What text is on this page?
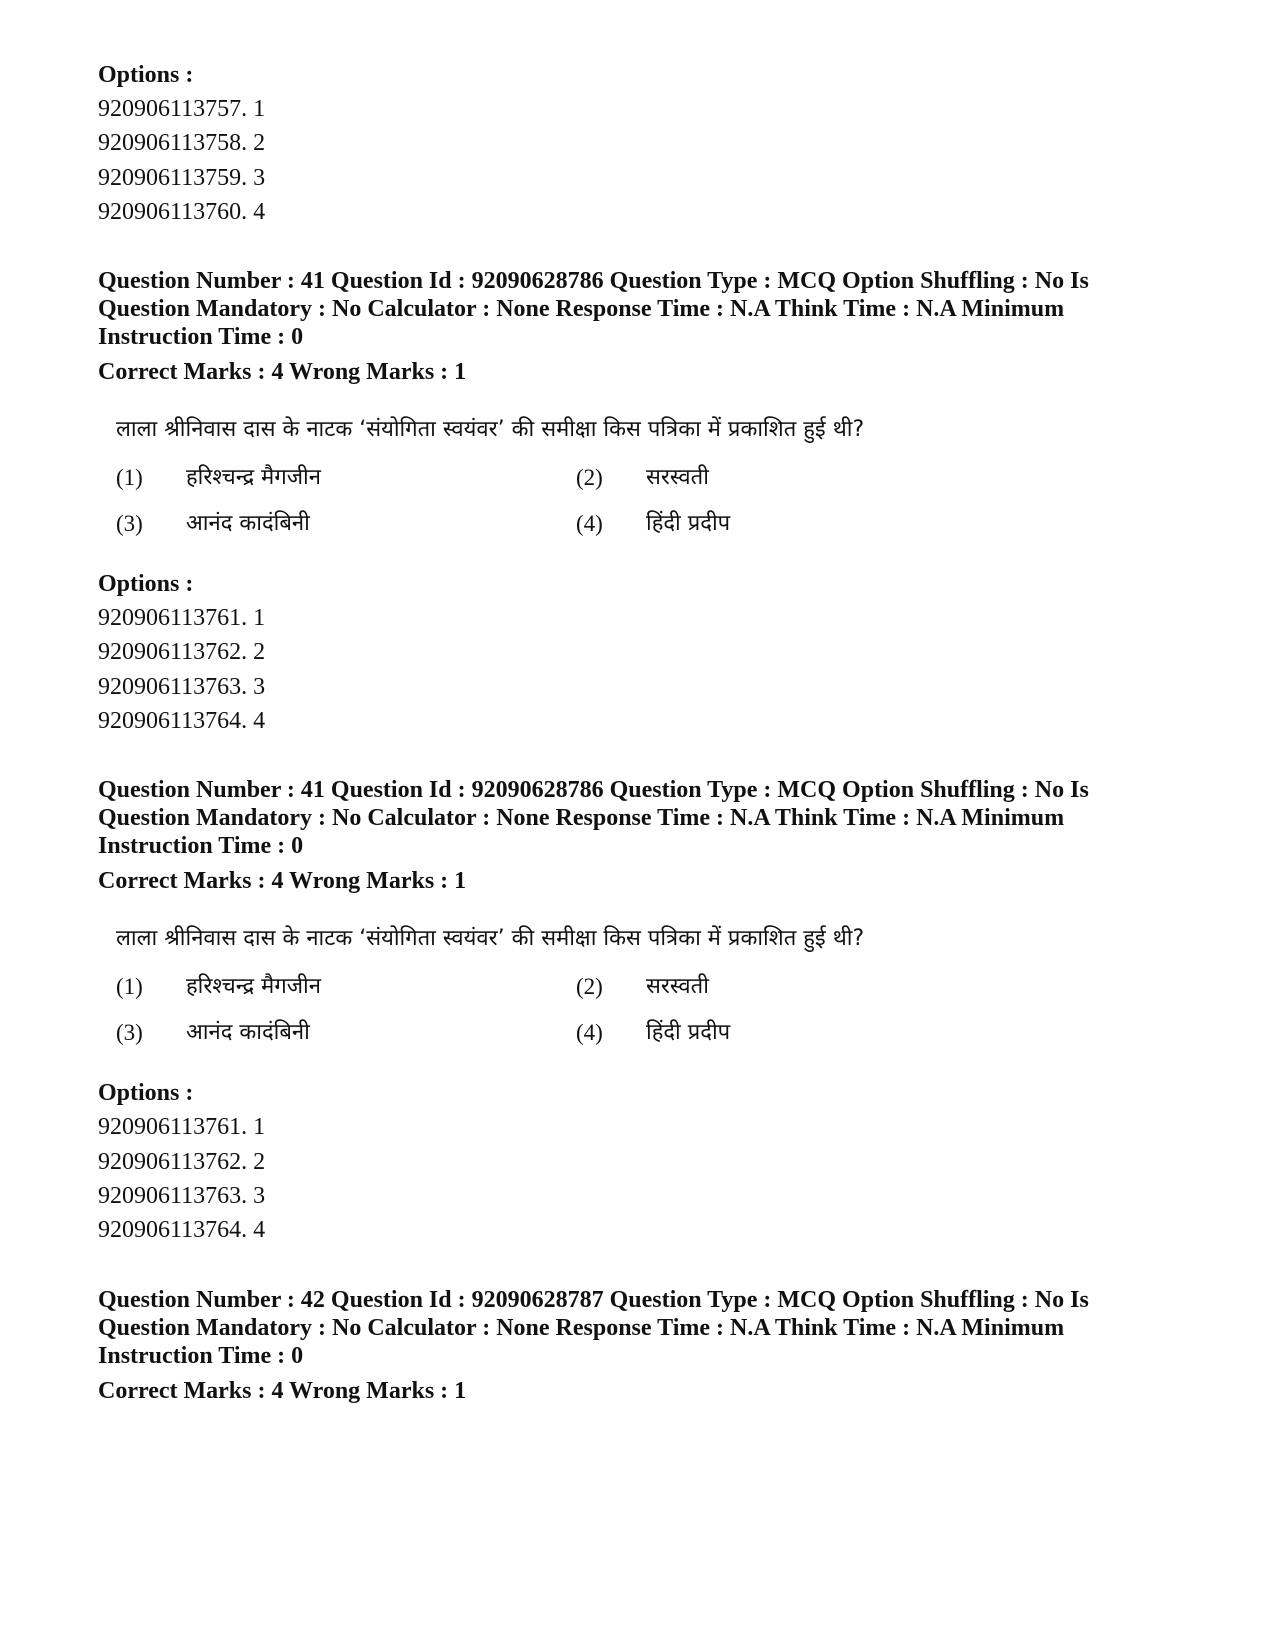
Options :

920906113757. 1

920906113758. 2

920906113759. 3

920906113760. 4

Question Number : 41 Question Id : 92090628786 Question Type : MCQ Option Shuffling : No Is

Question Mandatory : No Calculator : None Response Time : N.A Think Time : N.A Minimum

Instruction Time : 0

Correct Marks : 4 Wrong Marks : 1
लाला श्रीनिवास दास के नाटक ‘संयोगिता स्वयंवर’ की समीक्षा किस पत्रिका में प्रकाशित हुई थी?
(1)	हरिश्चन्द्र मैगजीन	(2)	सरस्वती
(3)	आनंद कादंबिनी	(4)	हिंदी प्रदीप

Options :

920906113761. 1

920906113762. 2

920906113763. 3

920906113764. 4

Question Number : 41 Question Id : 92090628786 Question Type : MCQ Option Shuffling : No Is

Question Mandatory : No Calculator : None Response Time : N.A Think Time : N.A Minimum

Instruction Time : 0

Correct Marks : 4 Wrong Marks : 1
लाला श्रीनिवास दास के नाटक ‘संयोगिता स्वयंवर’ की समीक्षा किस पत्रिका में प्रकाशित हुई थी?
(1)	हरिश्चन्द्र मैगजीन	(2)	सरस्वती
(3)	आनंद कादंबिनी	(4)	हिंदी प्रदीप

Options :

920906113761. 1

920906113762. 2

920906113763. 3

920906113764. 4

Question Number : 42 Question Id : 92090628787 Question Type : MCQ Option Shuffling : No Is

Question Mandatory : No Calculator : None Response Time : N.A Think Time : N.A Minimum

Instruction Time : 0

Correct Marks : 4 Wrong Marks : 1
